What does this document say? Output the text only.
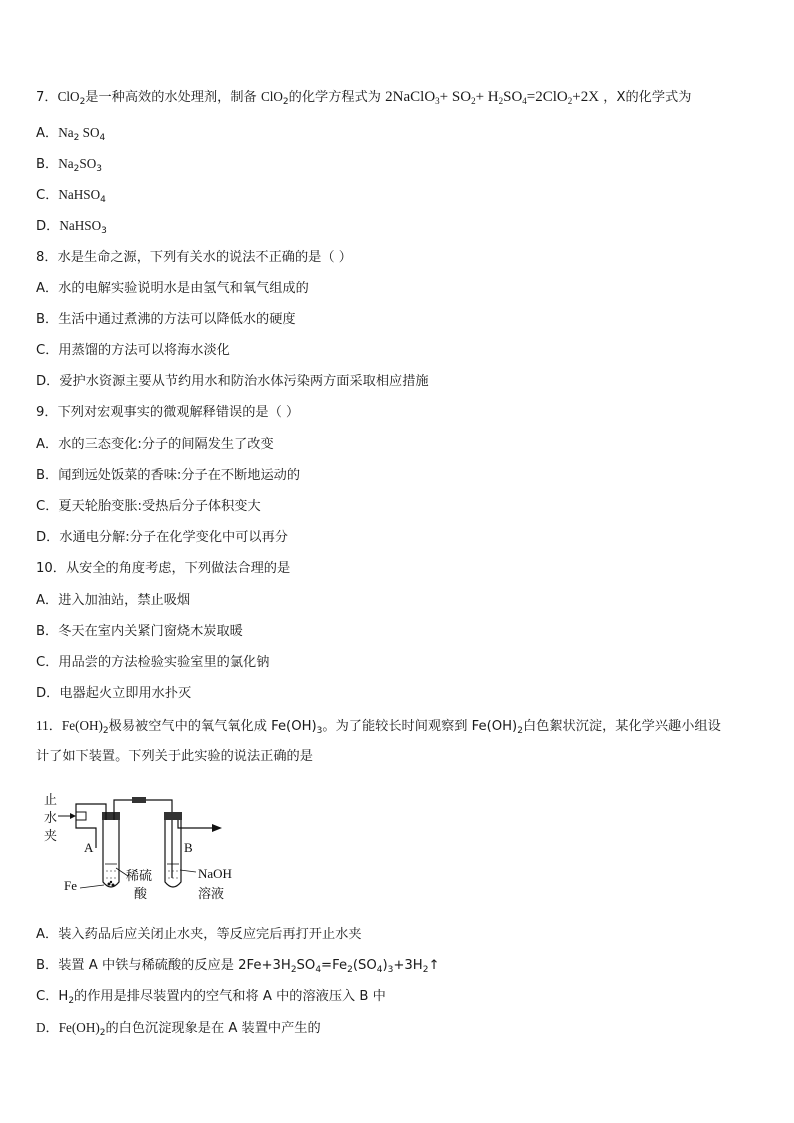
7．ClO$_2$是一种高效的水处理剂，制备 ClO$_2$的化学方程式为 2NaClO$_3$+ $SO_2+ H_2SO_4=2ClO_2+2X$ ，X的化学式为
A．$Na_2$ $SO_4$
B．$Na_2SO_3$
C．NaHSO$_4$
D．NaHSO$_3$
8．水是生命之源，下列有关水的说法不正确的是（ ）
A．水的电解实验说明水是由氢气和氧气组成的
B．生活中通过煮沸的方法可以降低水的硬度
C．用蒸馏的方法可以将海水淡化
D．爱护水资源主要从节约用水和防治水体污染两方面采取相应措施
9．下列对宏观事实的微观解释错误的是（ ）
A．水的三态变化:分子的间隔发生了改变
B．闻到远处饭菜的香味:分子在不断地运动的
C．夏天轮胎变胀:受热后分子体积变大
D．水通电分解:分子在化学变化中可以再分
10．从安全的角度考虑，下列做法合理的是
A．进入加油站，禁止吸烟
B．冬天在室内关紧门窗烧木炭取暖
C．用品尝的方法检验实验室里的氯化钠
D．电器起火立即用水扑灭
11．$Fe(OH)_2$极易被空气中的氧气氧化成 $Fe(OH)_3$。为了能较长时间观察到 $Fe(OH)_2$白色絮状沉淀，某化学兴趣小组设
计了如下装置。下列关于此实验的说法正确的是
止
水
夹
A	B
Fe
稀硫
酸
NaOH
溶液
A．装入药品后应关闭止水夹，等反应完后再打开止水夹
B．装置 A 中铁与稀硫酸的反应是 $2Fe+3H_2SO_4=Fe_2(SO_4)_3+3H_2↑$
C．$H_2$的作用是排尽装置内的空气和将 A 中的溶液压入 B 中
D．$Fe(OH)_2$的白色沉淀现象是在 A 装置中产生的
